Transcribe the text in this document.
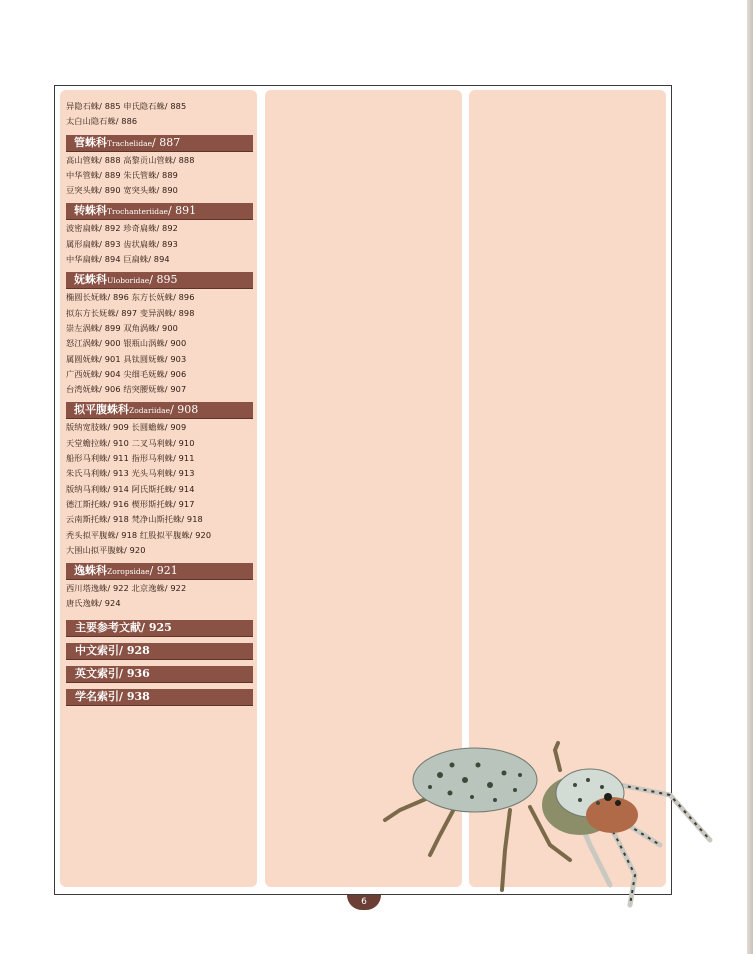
异隐石蛛/ 885 申氏隐石蛛/ 885
太白山隐石蛛/ 886
管蛛科Trachelidae/ 887
高山管蛛/ 888 高黎贡山管蛛/ 888
中华管蛛/ 889 朱氏管蛛/ 889
豆突头蛛/ 890 宽突头蛛/ 890
转蛛科Trochanteriidae/ 891
波密扁蛛/ 892 珍奇扁蛛/ 892
属形扁蛛/ 893 齿状扁蛛/ 893
中华扁蛛/ 894 巨扁蛛/ 894
妩蛛科Uloboridae/ 895
椭圆长妩蛛/ 896 东方长妩蛛/ 896
拟东方长妩蛛/ 897 变异涡蛛/ 898
崇左涡蛛/ 899 双角涡蛛/ 900
怒江涡蛛/ 900 银瓶山涡蛛/ 900
属圆妩蛛/ 901 具钛圆妩蛛/ 903
广西妩蛛/ 904 尖细毛妩蛛/ 906
台湾妩蛛/ 906 结突腰妩蛛/ 907
拟平腹蛛科Zodariidae/ 908
版纳宽肢蛛/ 909 长圆蟾蛛/ 909
天堂蟾拉蛛/ 910 二叉马利蛛/ 910
船形马利蛛/ 911 指形马利蛛/ 911
朱氏马利蛛/ 913 光头马利蛛/ 913
版纳马利蛛/ 914 阿氏斯托蛛/ 914
德江斯托蛛/ 916 楔形斯托蛛/ 917
云南斯托蛛/ 918 梵净山斯托蛛/ 918
秃头拟平腹蛛/ 918 红股拟平腹蛛/ 920
大围山拟平腹蛛/ 920
逸蛛科Zoropsidae/ 921
西川塔逸蛛/ 922 北京逸蛛/ 922
唐氏逸蛛/ 924
主要参考文献/ 925
中文索引/ 928
英文索引/ 936
学名索引/ 938
6
